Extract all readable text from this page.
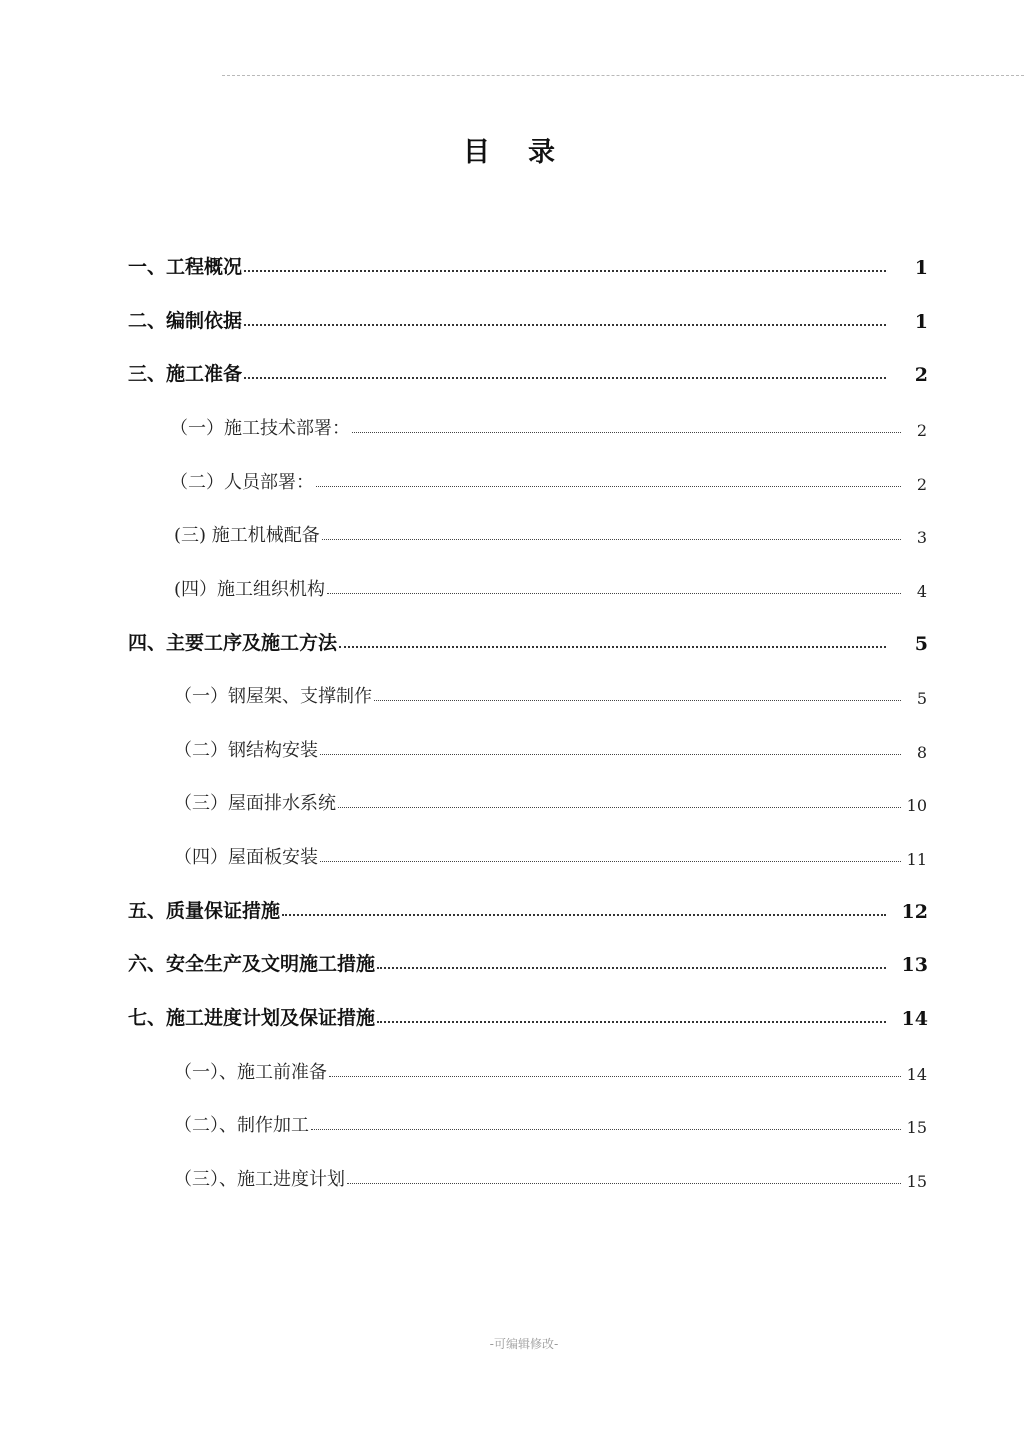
目录
一、工程概况	1
二、编制依据	1
三、施工准备	2
（一）施工技术部署：	2
（二）人员部署：	2
(三) 施工机械配备	3
(四）施工组织机构	4
四、主要工序及施工方法	5
（一）钢屋架、支撑制作	5
（二）钢结构安装	8
（三）屋面排水系统	10
（四）屋面板安装	11
五、质量保证措施	12
六、安全生产及文明施工措施	13
七、施工进度计划及保证措施	14
（一）、施工前准备	14
（二）、制作加工	15
（三）、施工进度计划	15
-可编辑修改-
